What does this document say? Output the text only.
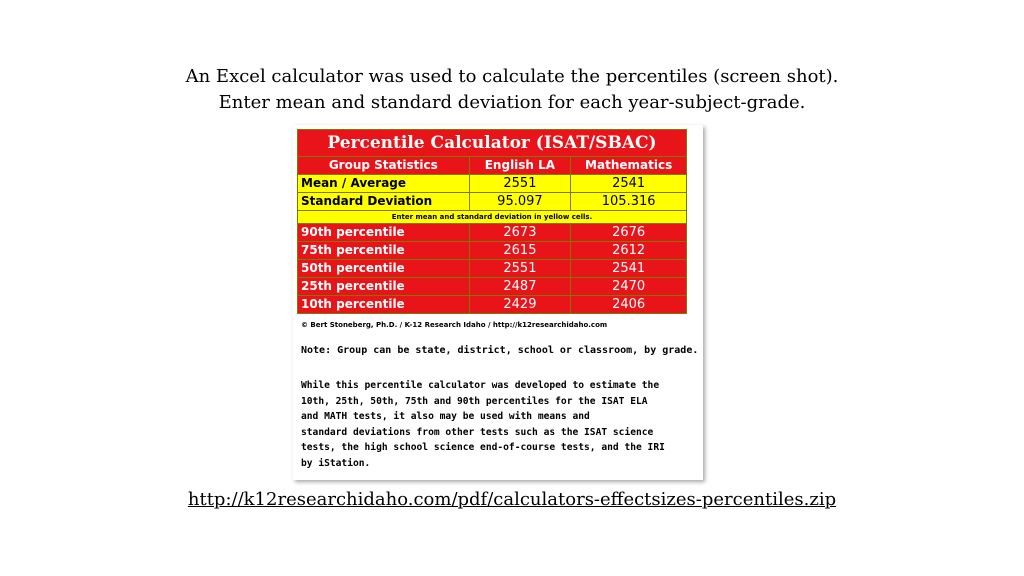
An Excel calculator was used to calculate the percentiles (screen shot).
Enter mean and standard deviation for each year-subject-grade.
Percentile Calculator (ISAT/SBAC)		
Group Statistics	English LA	Mathematics
Mean / Average	2551	2541
Standard Deviation	95.097	105.316
Enter mean and standard deviation in yellow cells.		
90th percentile	2673	2676
75th percentile	2615	2612
50th percentile	2551	2541
25th percentile	2487	2470
10th percentile	2429	2406
© Bert Stoneberg, Ph.D. / K-12 Research Idaho / http://k12researchidaho.com
Note: Group can be state, district, school or classroom, by grade.
While this percentile calculator was developed to estimate the
10th, 25th, 50th, 75th and 90th percentiles for the ISAT ELA
and MATH tests, it also may be used with means and
standard deviations from other tests such as the ISAT science
tests, the high school science end-of-course tests, and the IRI
by iStation.
http://k12researchidaho.com/pdf/calculators-effectsizes-percentiles.zip
